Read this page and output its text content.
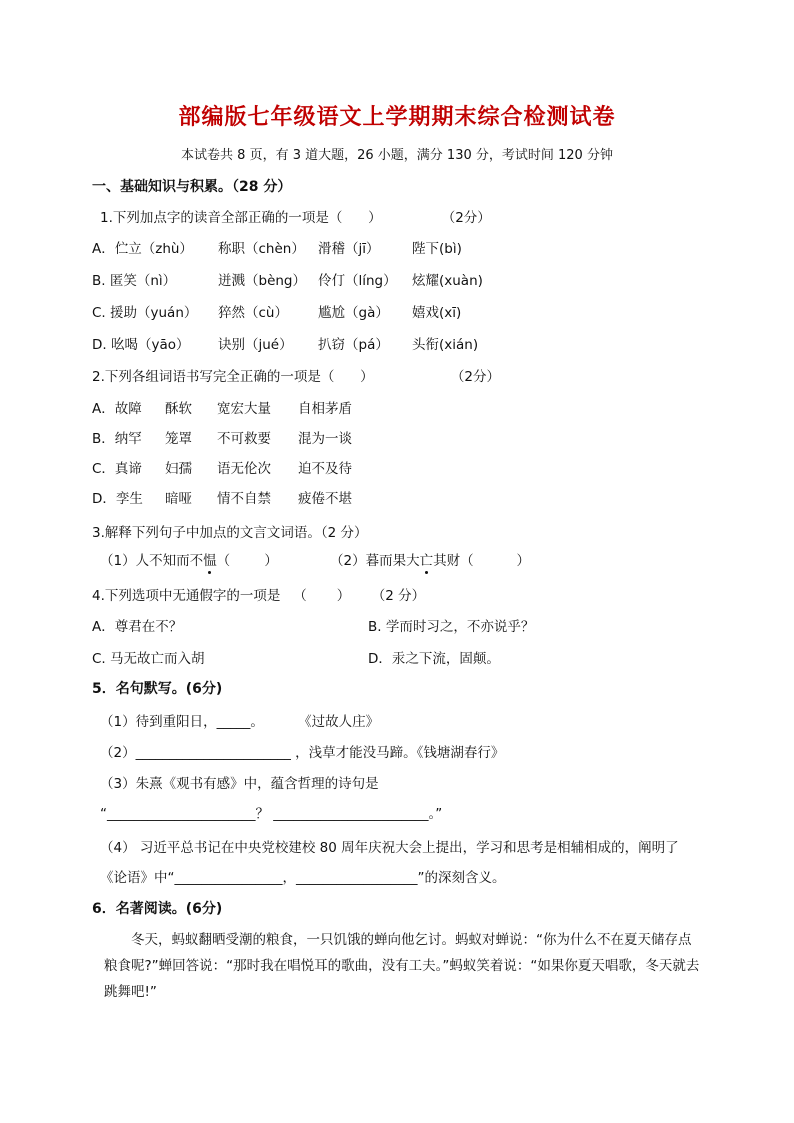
部编版七年级语文上学期期末综合检测试卷
本试卷共 8 页，有 3 道大题，26 小题，满分 130 分，考试时间 120 分钟
一、基础知识与积累。（28 分）
1.下列加点字的读音全部正确的一项是（      ）              （2分）
A．伫立（zhù） 称职（chèn） 滑稽（jī） 陛下(bì)
B. 匿笑（nì）	迸溅（bèng） 伶仃（líng） 炫耀(xuàn)
C. 援助（yuán） 猝然（cù） 尴尬（gà） 嬉戏(xī)
D. 吆喝（yāo） 诀别（jué） 扒窃（pá） 头衔(xián)
2.下列各组词语书写完全正确的一项是（      ）                  （2分）
A．故障 酥软 宽宏大量 自相茅盾
B．纳罕 笼罩 不可救要 混为一谈
C．真谛 妇孺 语无伦次 迫不及待
D．孪生 暗哑 情不自禁 疲倦不堪
3.解释下列句子中加点的文言文词语。（2 分）
（1）人不知而不愠（        ）	（2）暮而果大亡其财（          ）
4.下列选项中无通假字的一项是   （       ）     （2 分）
A．尊君在不？	B. 学而时习之，不亦说乎？
C. 马无故亡而入胡	D．汞之下流，固颠。
5．名句默写。(6分)
（1）待到重阳日，_____。        《过故人庄》
（2）_______________________ ，浅草才能没马蹄。《钱塘湖春行》
（3）朱熹《观书有感》中，蕴含哲理的诗句是
“______________________？ _______________________。”
（4） 习近平总书记在中央党校建校 80 周年庆祝大会上提出，学习和思考是相辅相成的，阐明了
《论语》中“________________，__________________”的深刻含义。
6．名著阅读。(6分)
冬天，蚂蚁翻晒受潮的粮食，一只饥饿的蝉向他乞讨。蚂蚁对蝉说：“你为什么不在夏天储存点粮食呢?”蝉回答说：“那时我在唱悦耳的歌曲，没有工夫。”蚂蚁笑着说：“如果你夏天唱歌，冬天就去跳舞吧!”
